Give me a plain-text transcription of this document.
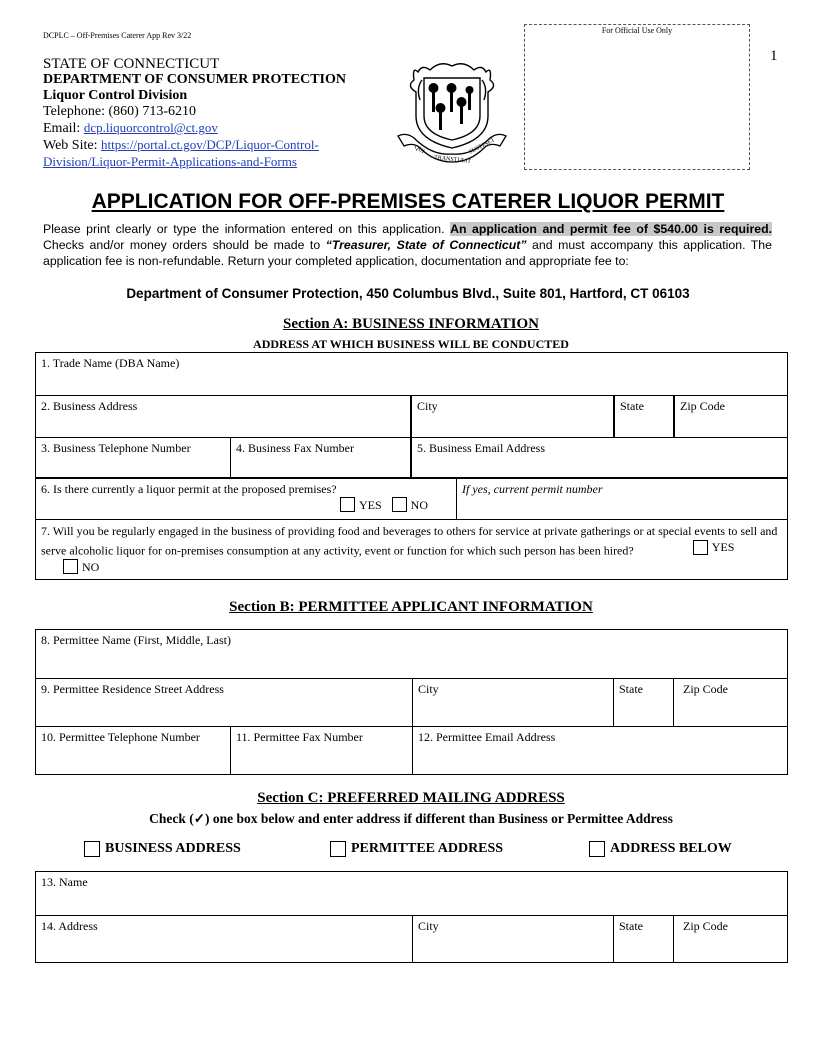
DCPLC – Off-Premises Caterer App Rev 3/22
For Official Use Only
1
STATE OF CONNECTICUT
DEPARTMENT OF CONSUMER PROTECTION
Liquor Control Division
Telephone: (860) 713-6210
Email: dcp.liquorcontrol@ct.gov
Web Site: https://portal.ct.gov/DCP/Liquor-Control-
Division/Liquor-Permit-Applications-and-Forms
QUI
TRANSTULIT
SUSTINET
APPLICATION FOR OFF-PREMISES CATERER LIQUOR PERMIT
Please print clearly or type the information entered on this application. An application and permit fee of $540.00 is required. Checks and/or money orders should be made to “Treasurer, State of Connecticut” and must accompany this application. The application fee is non-refundable. Return your completed application, documentation and appropriate fee to:
Department of Consumer Protection, 450 Columbus Blvd., Suite 801, Hartford, CT 06103
Section A: BUSINESS INFORMATION
ADDRESS AT WHICH BUSINESS WILL BE CONDUCTED
1. Trade Name (DBA Name)
2. Business Address	City	State	Zip Code
3. Business Telephone Number	4. Business Fax Number	5. Business Email Address
6. Is there currently a liquor permit at the proposed premises?
YES NO
If yes, current permit number
7. Will you be regularly engaged in the business of providing food and beverages to others for service at private gatherings or at special events to sell and serve alcoholic liquor for on-premises consumption at any activity, event or function for which such person has been hired?	YES

NO
Section B: PERMITTEE APPLICANT INFORMATION
8. Permittee Name (First, Middle, Last)
9. Permittee Residence Street Address	City	State	Zip Code
10. Permittee Telephone Number	11. Permittee Fax Number	12. Permittee Email Address
Section C: PREFERRED MAILING ADDRESS
Check (✓) one box below and enter address if different than Business or Permittee Address
BUSINESS ADDRESS	PERMITTEE ADDRESS	ADDRESS BELOW
13. Name
14. Address	City	State	Zip Code
